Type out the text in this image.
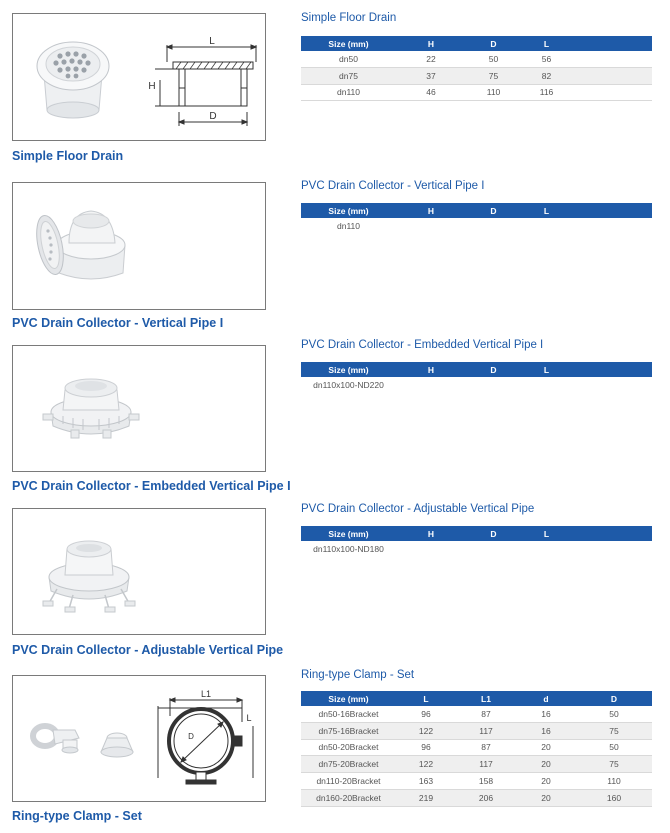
L
H
D
Simple Floor Drain
Simple Floor Drain
Size (mm)	H	D	L	
dn50	22	50	56	
dn75	37	75	82	
dn110	46	110	116	
PVC Drain Collector - Vertical Pipe I
PVC Drain Collector - Vertical Pipe I
Size (mm)	H	D	L	
dn110				
PVC Drain Collector - Embedded Vertical Pipe I
PVC Drain Collector - Embedded Vertical Pipe I
Size (mm)	H	D	L	
dn110x100-ND220				
PVC Drain Collector - Adjustable Vertical Pipe
PVC Drain Collector - Adjustable Vertical Pipe
Size (mm)	H	D	L	
dn110x100-ND180				
L1
L
D
Ring-type Clamp - Set
Ring-type Clamp - Set
Size (mm)	L	L1	d	D
dn50-16Bracket	96	87	16	50
dn75-16Bracket	122	117	16	75
dn50-20Bracket	96	87	20	50
dn75-20Bracket	122	117	20	75
dn110-20Bracket	163	158	20	110
dn160-20Bracket	219	206	20	160
